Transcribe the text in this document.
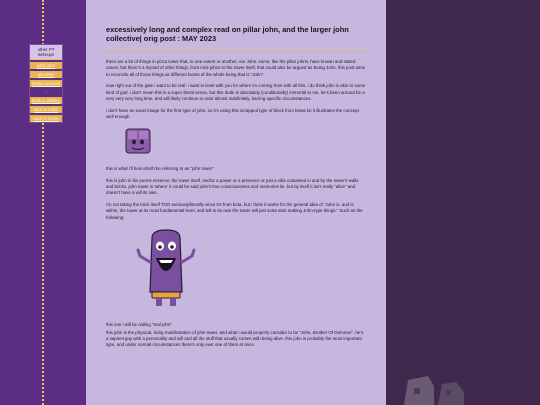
other PT writeups
pillar john
oleander
frosted puzzles
-
back to phiilary
back to index
back to home
excessively long and complex read on pillar john, and the larger john collective| orig post : MAY 2023

there are a lot of things in pizza tower that, to one extent or another, Are John. some, like the pillar johns, have known and stated canon; but there's a myriad of other things, from mini-johns to the tower itself, that could also be argued as Being John. this post aims to reconcile all of those things as different facets of the whole being that is "John".

now right out of the gate i want to be real: i want to level with you for where im coming from with all this. i do think john is akin to some kind of god. i don't mean this in a super literal sense, but this dude is absolutely (conditionally) immortal to me, he's been around for a very very very long time, and will likely continue to exist almost indefinitely, barring specific circumstances.

i don't have an exact image for the first type of john, so i'm using this scrapped type of block from betas bc it illustrates the concept well enough

this is what i'll henceforth be referring to as "john tower"

this is john in his purest essence; the tower itself, and/or a power or a presence or just a vibe contained in and by the tower's walls and bricks. john tower is 'where' it could be said john's true consciousness and memories lie, but by itself it isn't really "alive" and doesn't have a will its own.

i'm not taking the brick itself TOO seriously/literally since it's from beta, but i think it works for the general idea of "John is, and is within, the tower at its most fundamental level, and left to its own the tower will just sorta start making John-type things." Such as the following:

this one i will be calling "real john"

this john is the physical, living manifestation of john tower, and what i would properly consider to be "John, Brother Of Gemmer". he's a sapient guy with a personality and will and all the stuff that usually comes with being alive. this john is probably the most important type, and under normal circumstances there's only ever one of them at once.
